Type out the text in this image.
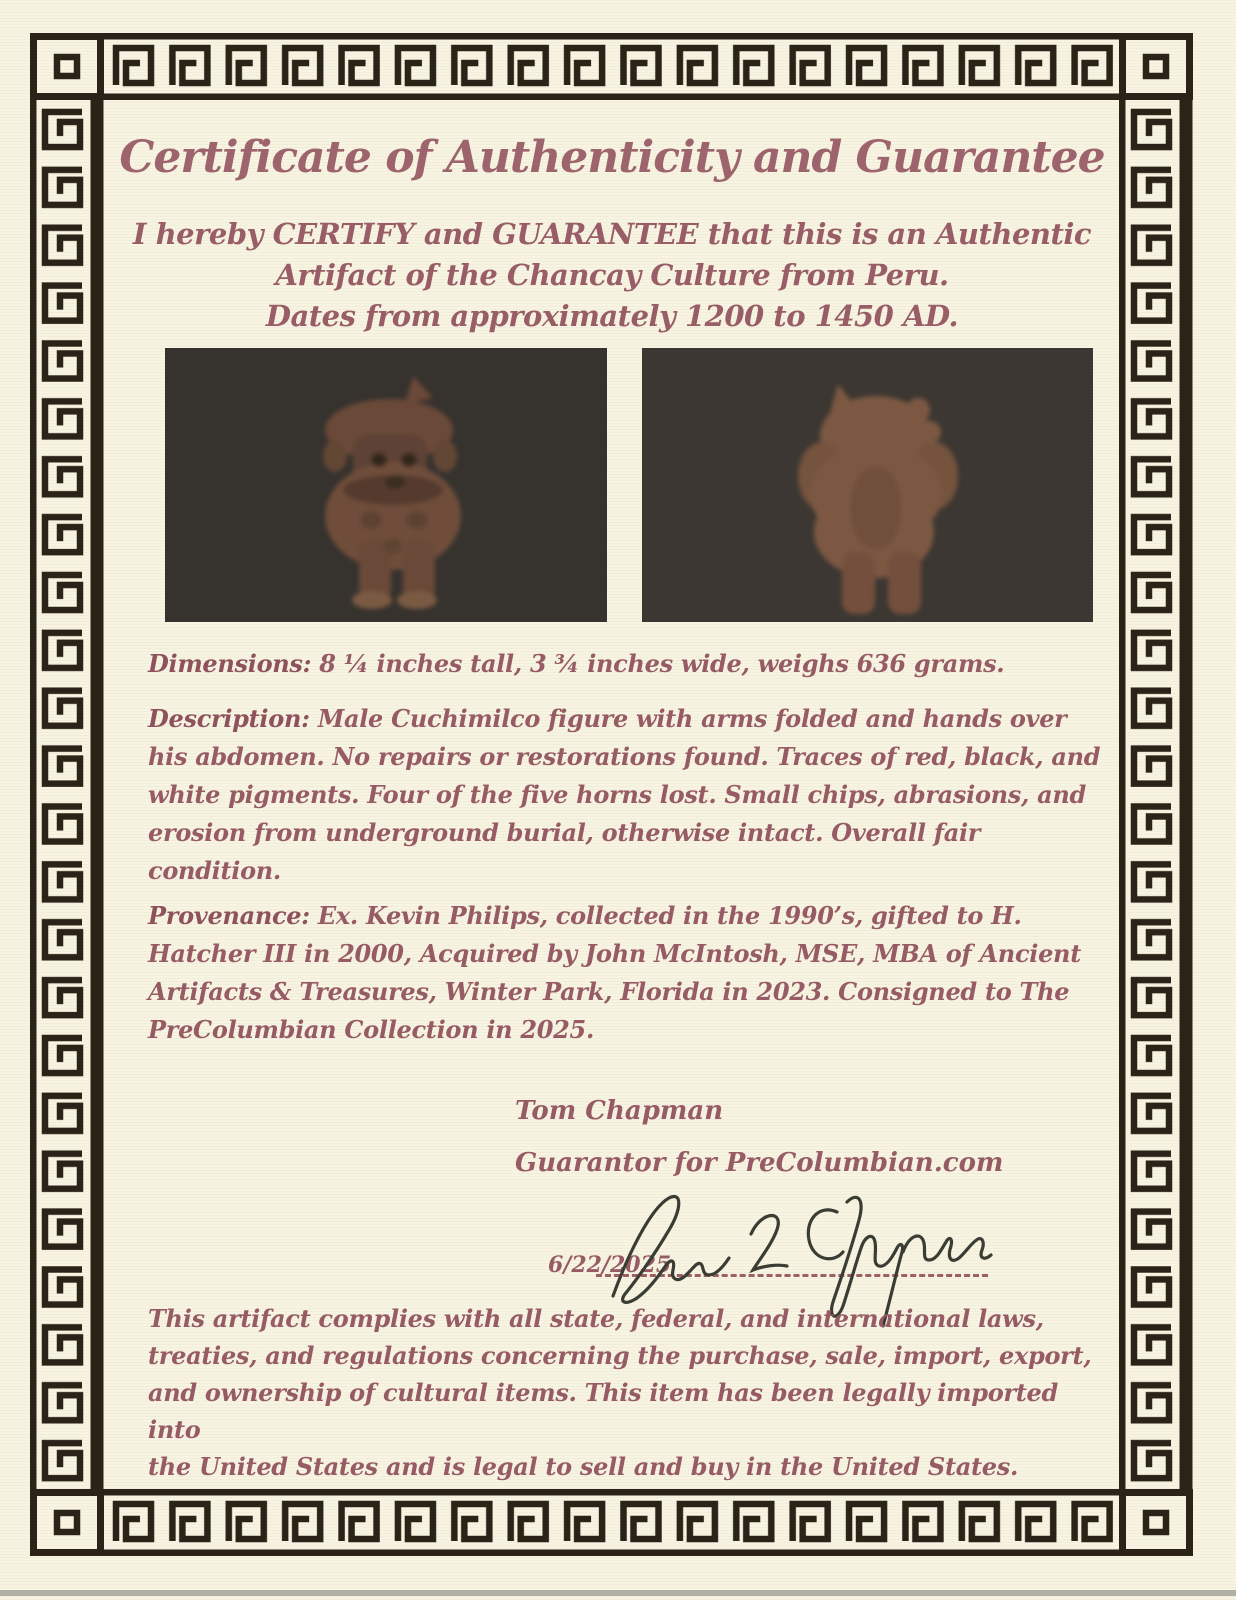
Certificate of Authenticity and Guarantee
I hereby CERTIFY and GUARANTEE that this is an Authentic
Artifact of the Chancay Culture from Peru.
Dates from approximately 1200 to 1450 AD.

Dimensions: 8 ¼ inches tall, 3 ¾ inches wide, weighs 636 grams.

Description: Male Cuchimilco figure with arms folded and hands over
his abdomen. No repairs or restorations found. Traces of red, black, and
white pigments. Four of the five horns lost. Small chips, abrasions, and
erosion from underground burial, otherwise intact. Overall fair
condition.

Provenance: Ex. Kevin Philips, collected in the 1990’s, gifted to H.
Hatcher III in 2000, Acquired by John McIntosh, MSE, MBA of Ancient
Artifacts & Treasures, Winter Park, Florida in 2023. Consigned to The
PreColumbian Collection in 2025.

Tom Chapman
Guarantor for PreColumbian.com
6/22/2025

This artifact complies with all state, federal, and international laws,
treaties, and regulations concerning the purchase, sale, import, export,
and ownership of cultural items. This item has been legally imported into
the United States and is legal to sell and buy in the United States.
